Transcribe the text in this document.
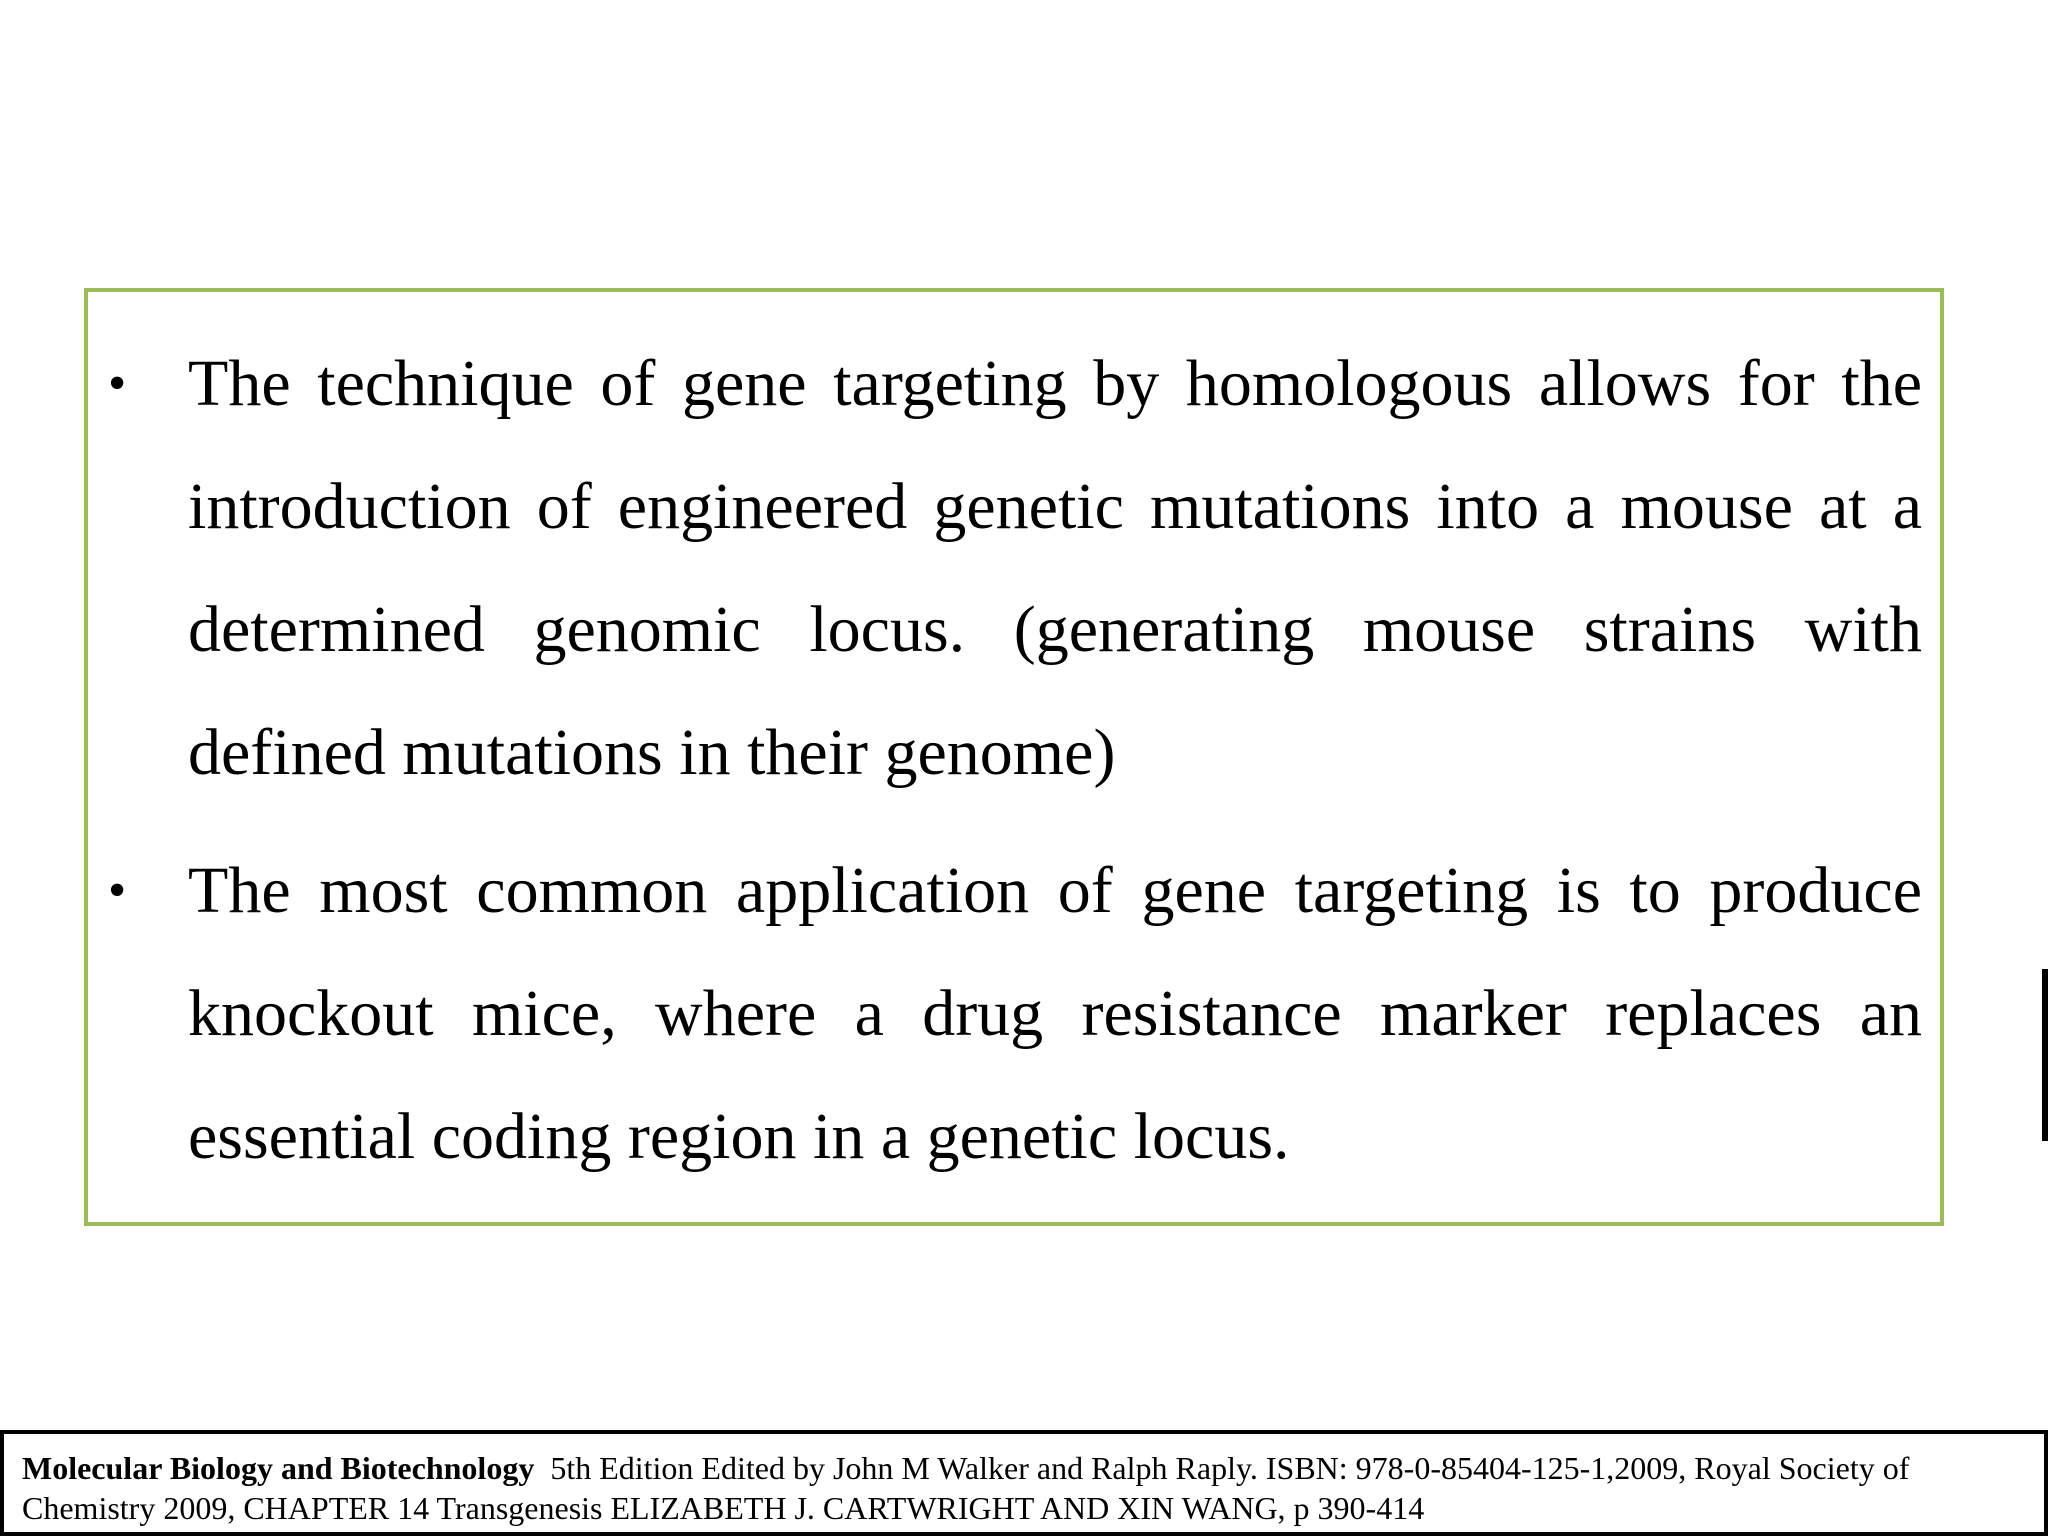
• The technique of gene targeting by homologous allows for the introduction of engineered genetic mutations into a mouse at a determined genomic locus. (generating mouse strains with defined mutations in their genome)
• The most common application of gene targeting is to produce knockout mice, where a drug resistance marker replaces an essential coding region in a genetic locus.
Molecular Biology and Biotechnology 5th Edition Edited by John M Walker and Ralph Raply. ISBN: 978-0-85404-125-1,2009, Royal Society of Chemistry 2009, CHAPTER 14 Transgenesis ELIZABETH J. CARTWRIGHT AND XIN WANG, p 390-414
